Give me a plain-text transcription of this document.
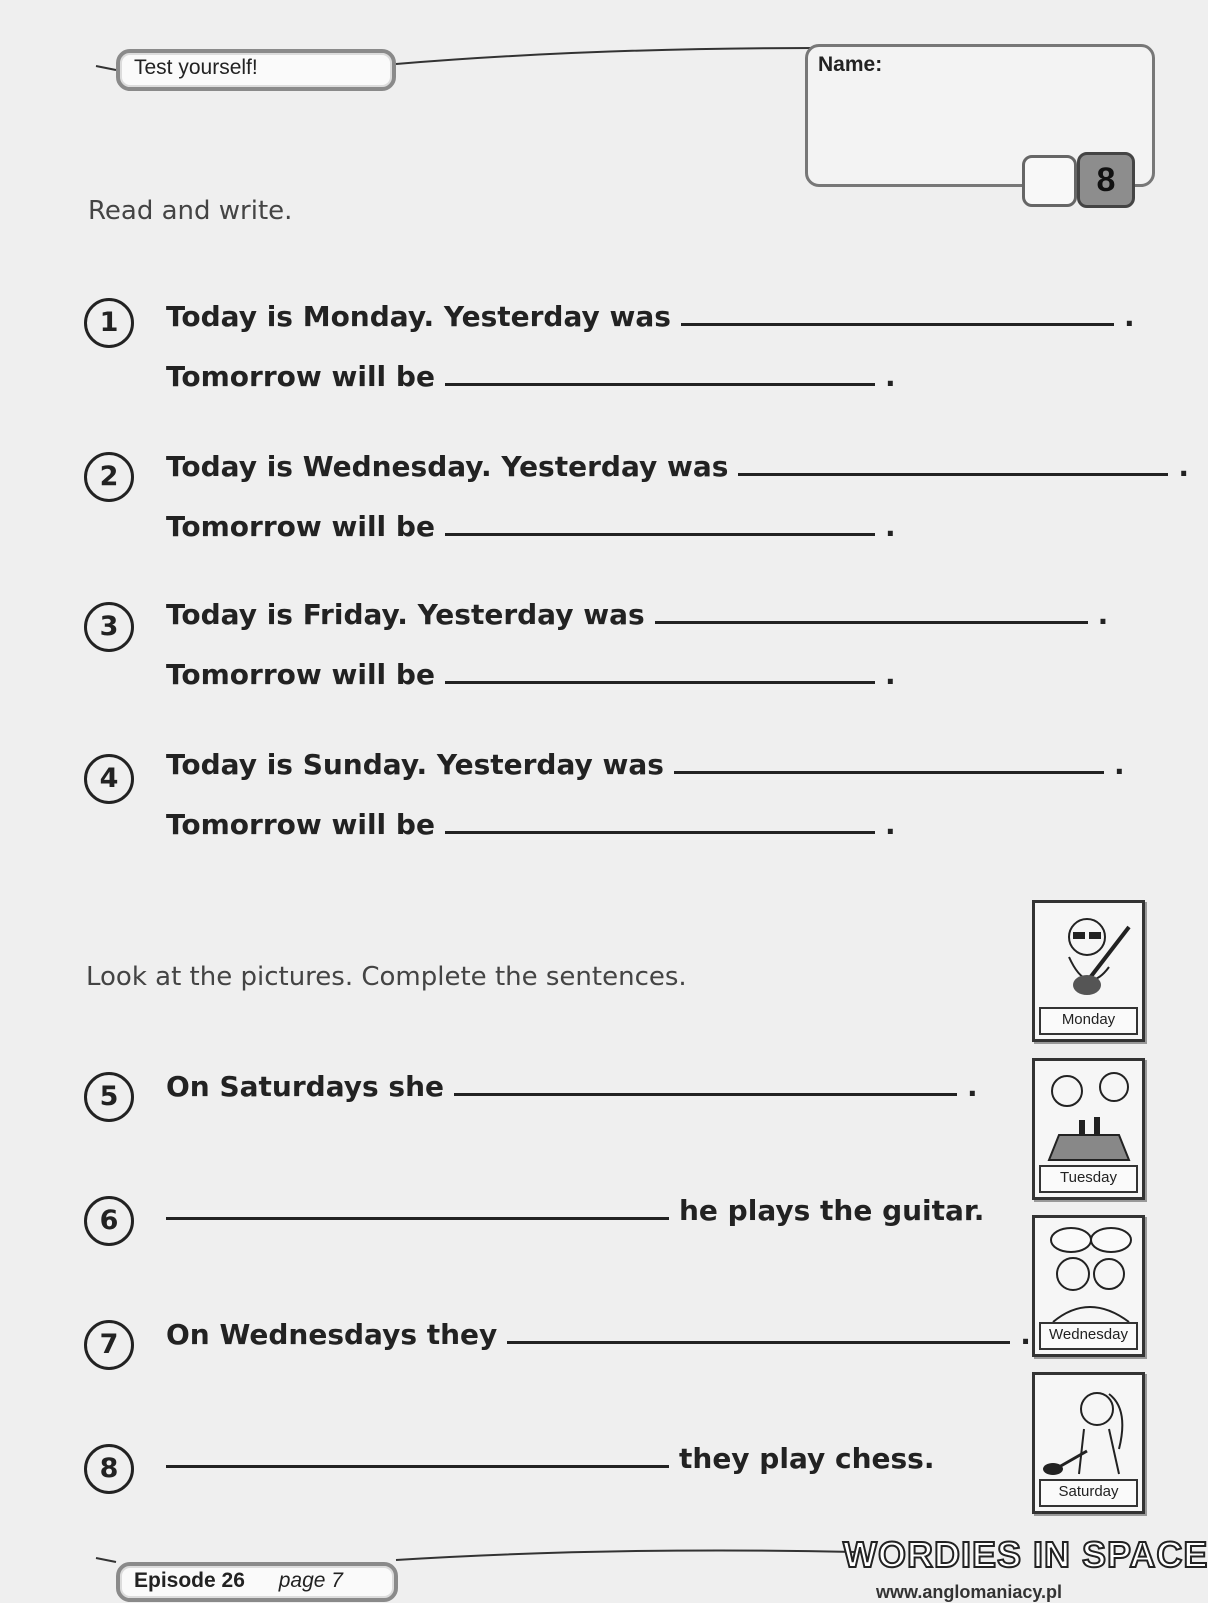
Test yourself!	Name:
8
Read and write.
1	Today is Monday. Yesterday was	.
Tomorrow will be	.
2	Today is Wednesday. Yesterday was	.
Tomorrow will be	.
3	Today is Friday. Yesterday was	.
Tomorrow will be	.
4	Today is Sunday. Yesterday was	.
Tomorrow will be	.
Look at the pictures. Complete the sentences.
5	On Saturdays she	.
6	he plays the guitar.
7	On Wednesdays they	.
8	they play chess.
Monday
Tuesday
Wednesday
Saturday
Episode 26 page 7
WORDIES IN SPACE
www.anglomaniacy.pl
